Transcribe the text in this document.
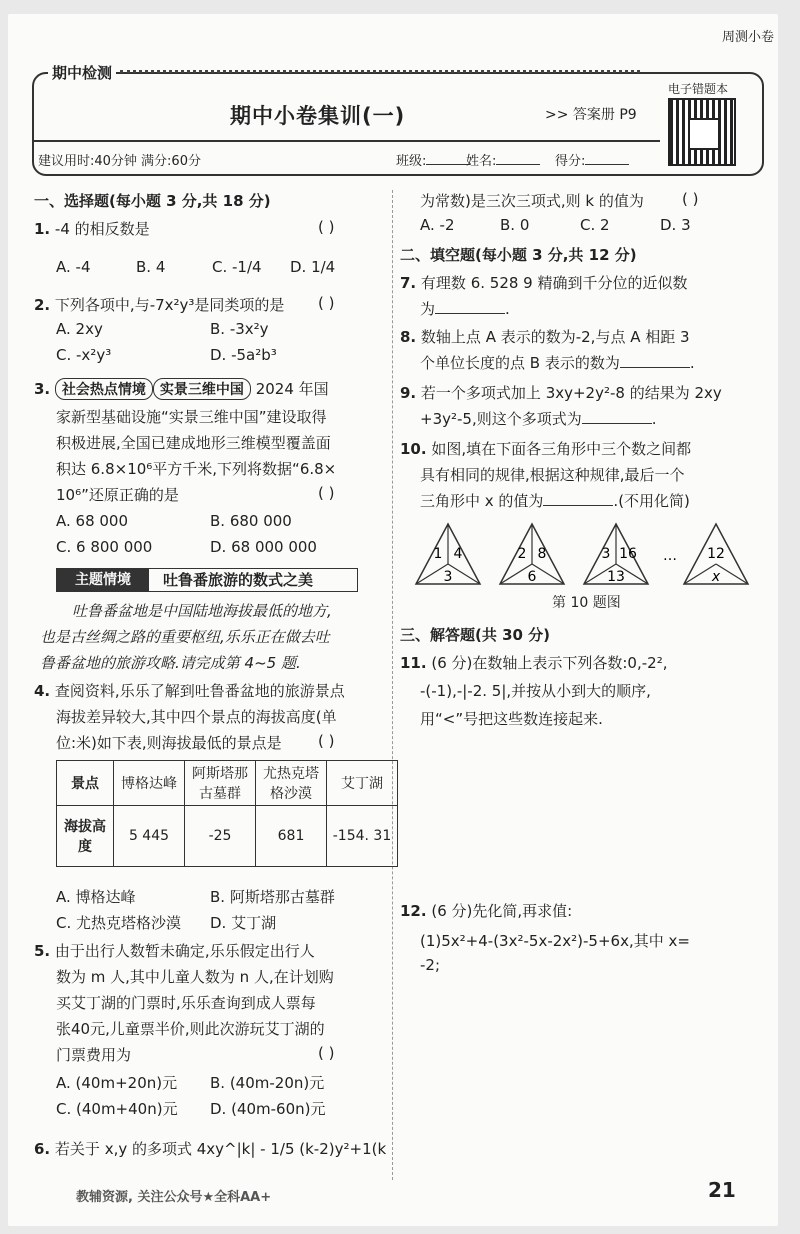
周测小卷
期中检测
期中小卷集训(一)	>> 答案册 P9
电子错题本
建议用时:40分钟 满分:60分	班级:	姓名:	得分:
一、选择题(每小题 3 分,共 18 分)
1. -4 的相反数是	( )
A. -4	B. 4	C. -1/4 D. 1/4
2. 下列各项中,与-7x²y³是同类项的是 ( )
A. 2xy	B. -3x²y
C. -x²y³	D. -5a²b³
3. 社会热点情境 实景三维中国 2024 年国
家新型基础设施“实景三维中国”建设取得
积极进展,全国已建成地形三维模型覆盖面
积达 6.8×10⁶平方千米,下列将数据“6.8×
10⁶”还原正确的是	( )
A. 68 000	B. 680 000
C. 6 800 000	D. 68 000 000
主题情境	吐鲁番旅游的数式之美
吐鲁番盆地是中国陆地海拔最低的地方,
也是古丝绸之路的重要枢纽,乐乐正在做去吐
鲁番盆地的旅游攻略.请完成第 4~5 题.
4. 查阅资料,乐乐了解到吐鲁番盆地的旅游景点
海拔差异较大,其中四个景点的海拔高度(单
位:米)如下表,则海拔最低的景点是 ( )
景点	博格达峰	阿斯塔那古墓群	尤热克塔格沙漠	艾丁湖
海拔高度	5 445	-25	681	-154. 31
A. 博格达峰	B. 阿斯塔那古墓群
C. 尤热克塔格沙漠 D. 艾丁湖
5. 由于出行人数暂未确定,乐乐假定出行人
数为 m 人,其中儿童人数为 n 人,在计划购
买艾丁湖的门票时,乐乐查询到成人票每
张40元,儿童票半价,则此次游玩艾丁湖的
门票费用为	( )
A. (40m+20n)元 B. (40m-20n)元
C. (40m+40n)元 D. (40m-60n)元
6. 若关于 x,y 的多项式 4xy^|k| - 1/5 (k-2)y²+1(k
为常数)是三次三项式,则 k 的值为	( )
A. -2	B. 0	C. 2	D. 3
二、填空题(每小题 3 分,共 12 分)
7. 有理数 6. 528 9 精确到千分位的近似数
为	.
8. 数轴上点 A 表示的数为-2,与点 A 相距 3
个单位长度的点 B 表示的数为	.
9. 若一个多项式加上 3xy+2y²-8 的结果为 2xy
+3y²-5,则这个多项式为	.
10. 如图,填在下面各三角形中三个数之间都
具有相同的规律,根据这种规律,最后一个
三角形中 x 的值为	.(不用化简)
1 4
3
2 8
6
3 16
13
… 12
x
第 10 题图
三、解答题(共 30 分)
11. (6 分)在数轴上表示下列各数:0,-2²,
-(-1),-|-2. 5|,并按从小到大的顺序,
用“<”号把这些数连接起来.
12. (6 分)先化简,再求值:
(1)5x²+4-(3x²-5x-2x²)-5+6x,其中 x=
-2;
教辅资源, 关注公众号★全科AA+	21
